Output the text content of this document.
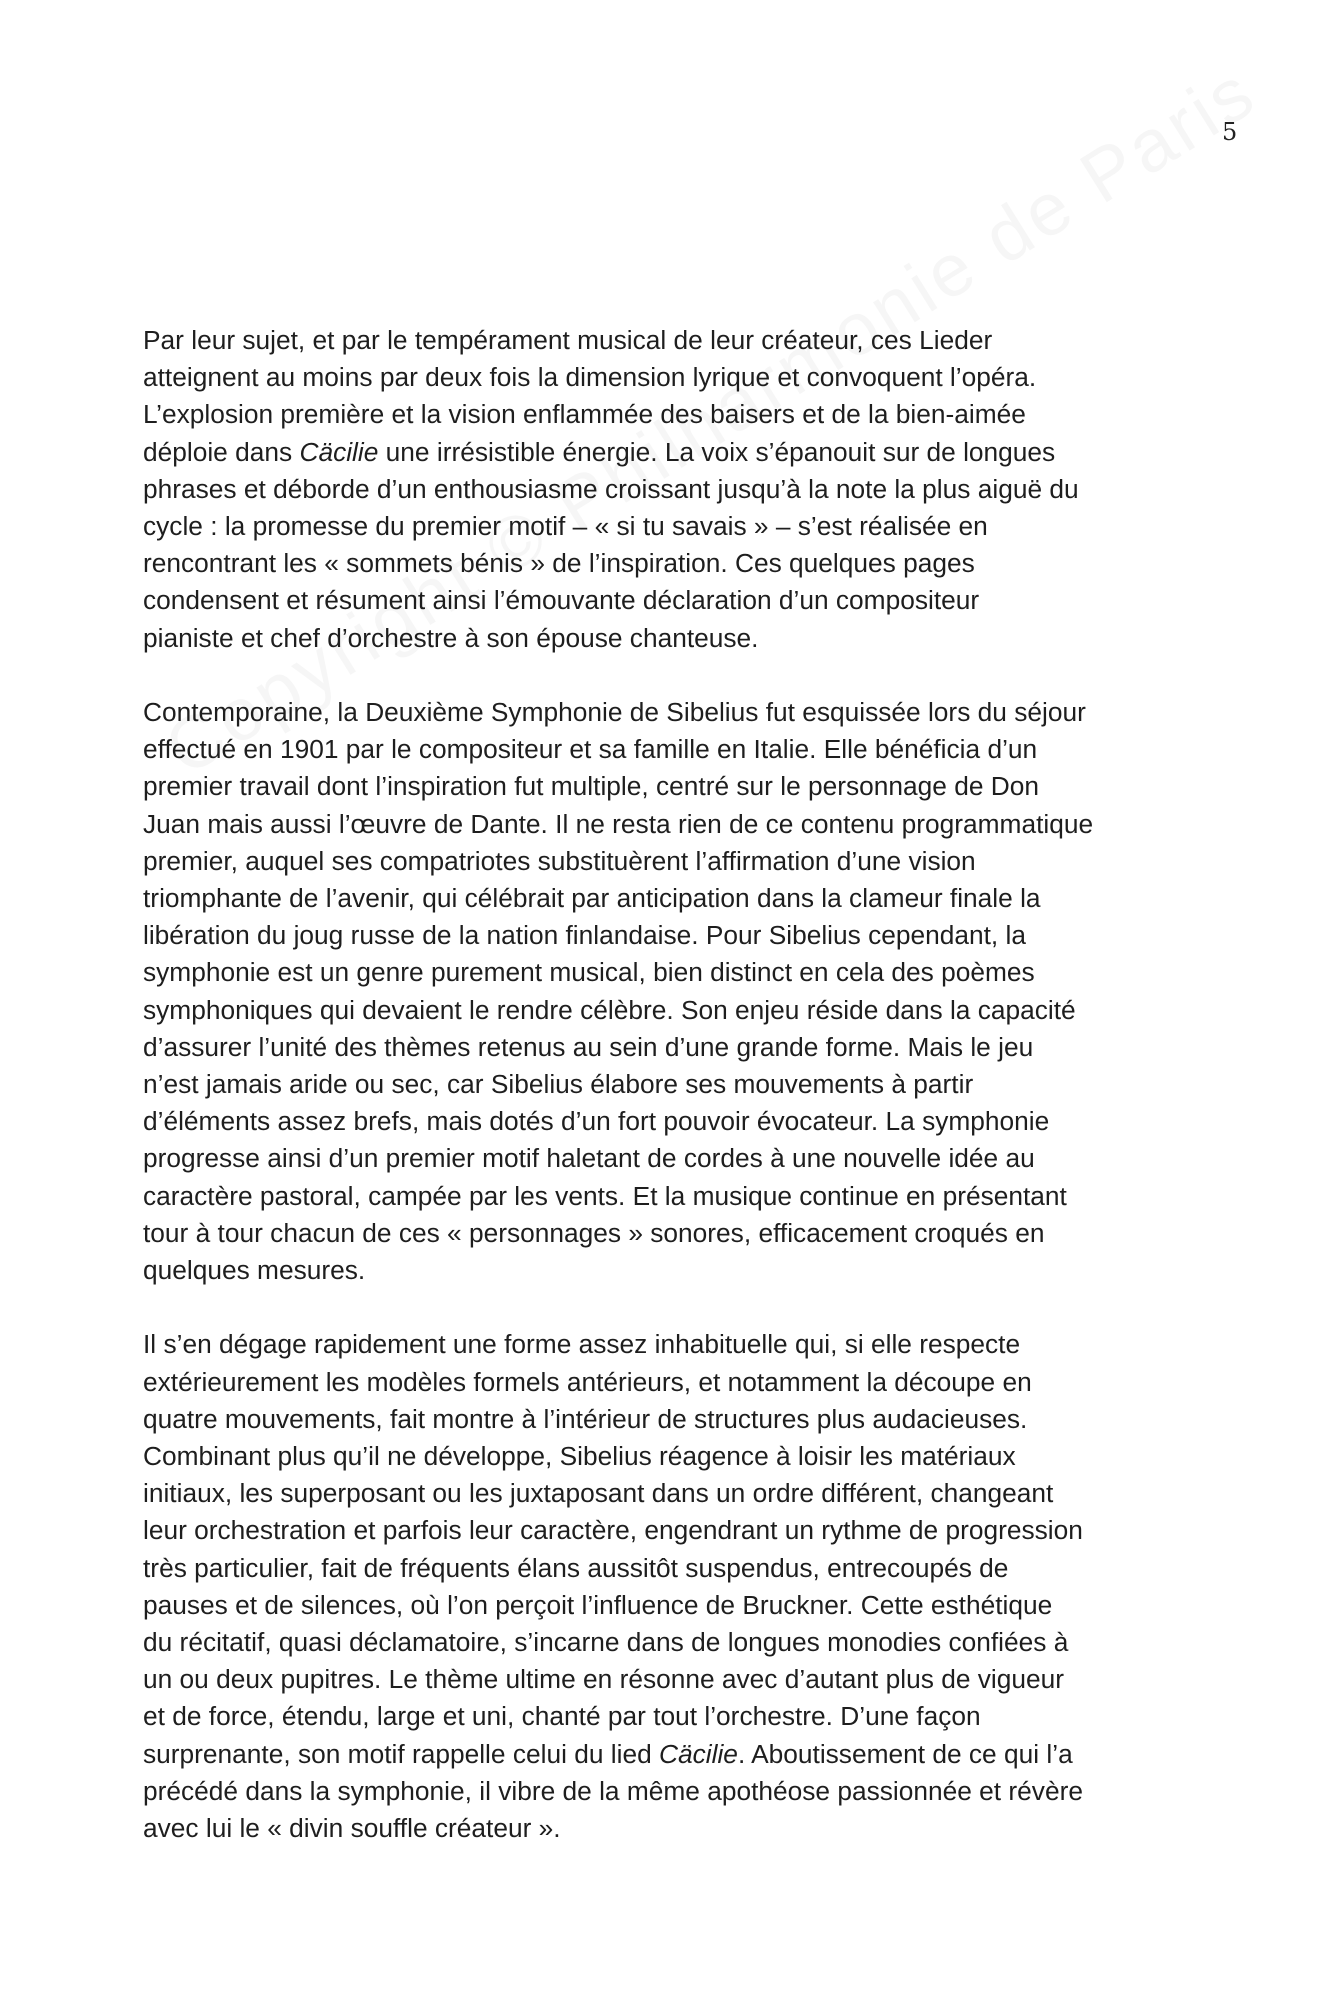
5

Par leur sujet, et par le tempérament musical de leur créateur, ces Lieder
atteignent au moins par deux fois la dimension lyrique et convoquent l’opéra.
L’explosion première et la vision enflammée des baisers et de la bien-aimée
déploie dans Cäcilie une irrésistible énergie. La voix s’épanouit sur de longues
phrases et déborde d’un enthousiasme croissant jusqu’à la note la plus aiguë du
cycle : la promesse du premier motif – « si tu savais » – s’est réalisée en
rencontrant les « sommets bénis » de l’inspiration. Ces quelques pages
condensent et résument ainsi l’émouvante déclaration d’un compositeur
pianiste et chef d’orchestre à son épouse chanteuse.

Contemporaine, la Deuxième Symphonie de Sibelius fut esquissée lors du séjour
effectué en 1901 par le compositeur et sa famille en Italie. Elle bénéficia d’un
premier travail dont l’inspiration fut multiple, centré sur le personnage de Don
Juan mais aussi l’œuvre de Dante. Il ne resta rien de ce contenu programmatique
premier, auquel ses compatriotes substituèrent l’affirmation d’une vision
triomphante de l’avenir, qui célébrait par anticipation dans la clameur finale la
libération du joug russe de la nation finlandaise. Pour Sibelius cependant, la
symphonie est un genre purement musical, bien distinct en cela des poèmes
symphoniques qui devaient le rendre célèbre. Son enjeu réside dans la capacité
d’assurer l’unité des thèmes retenus au sein d’une grande forme. Mais le jeu
n’est jamais aride ou sec, car Sibelius élabore ses mouvements à partir
d’éléments assez brefs, mais dotés d’un fort pouvoir évocateur. La symphonie
progresse ainsi d’un premier motif haletant de cordes à une nouvelle idée au
caractère pastoral, campée par les vents. Et la musique continue en présentant
tour à tour chacun de ces « personnages » sonores, efficacement croqués en
quelques mesures.

Il s’en dégage rapidement une forme assez inhabituelle qui, si elle respecte
extérieurement les modèles formels antérieurs, et notamment la découpe en
quatre mouvements, fait montre à l’intérieur de structures plus audacieuses.
Combinant plus qu’il ne développe, Sibelius réagence à loisir les matériaux
initiaux, les superposant ou les juxtaposant dans un ordre différent, changeant
leur orchestration et parfois leur caractère, engendrant un rythme de progression
très particulier, fait de fréquents élans aussitôt suspendus, entrecoupés de
pauses et de silences, où l’on perçoit l’influence de Bruckner. Cette esthétique
du récitatif, quasi déclamatoire, s’incarne dans de longues monodies confiées à
un ou deux pupitres. Le thème ultime en résonne avec d’autant plus de vigueur
et de force, étendu, large et uni, chanté par tout l’orchestre. D’une façon
surprenante, son motif rappelle celui du lied Cäcilie. Aboutissement de ce qui l’a
précédé dans la symphonie, il vibre de la même apothéose passionnée et révère
avec lui le « divin souffle créateur ».
